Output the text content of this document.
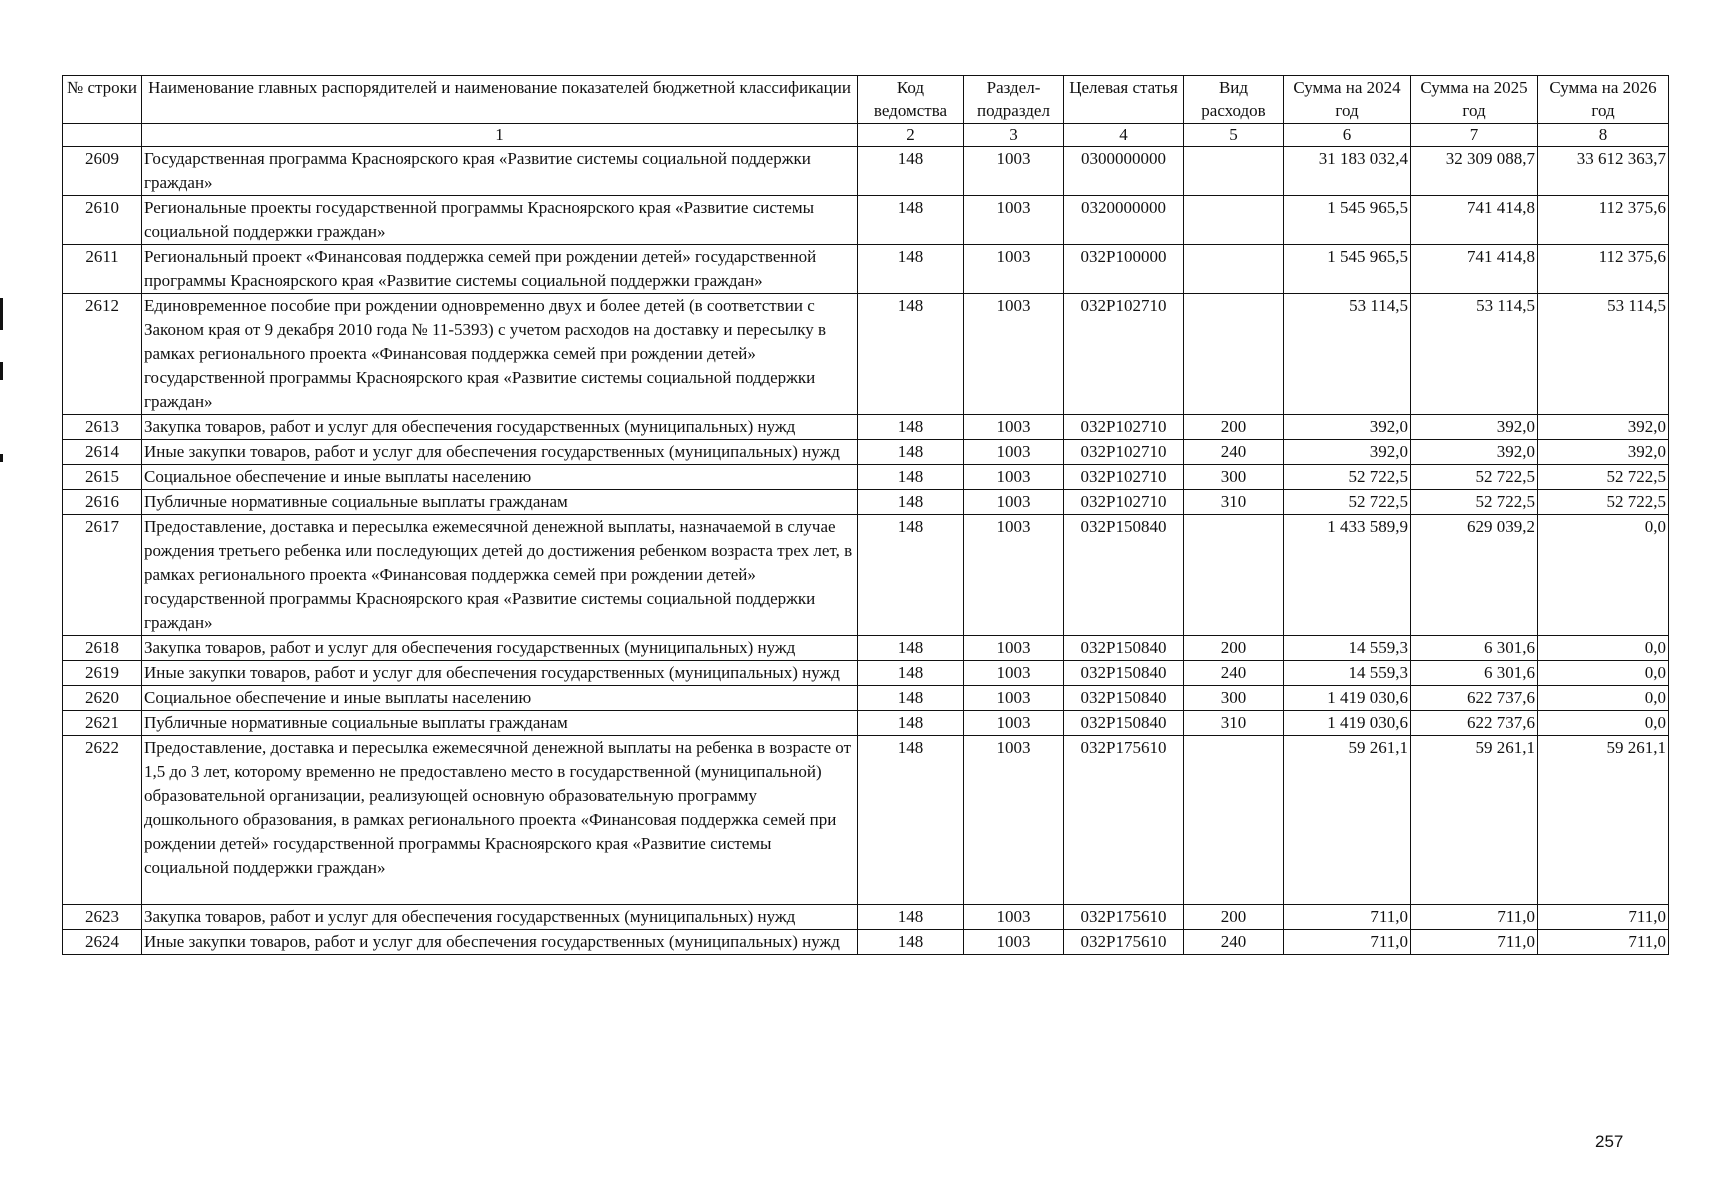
№ строки	Наименование главных распорядителей и наименование показателей бюджетной классификации	Код ведомства	Раздел-подраздел	Целевая статья	Вид расходов	Сумма на 2024 год	Сумма на 2025 год	Сумма на 2026 год
	1	2	3	4	5	6	7	8
2609	Государственная программа Красноярского края «Развитие системы социальной поддержки граждан»	148	1003	0300000000		31 183 032,4	32 309 088,7	33 612 363,7
2610	Региональные проекты государственной программы Красноярского края «Развитие системы социальной поддержки граждан»	148	1003	0320000000		1 545 965,5	741 414,8	112 375,6
2611	Региональный проект «Финансовая поддержка семей при рождении детей» государственной программы Красноярского края «Развитие системы социальной поддержки граждан»	148	1003	032P100000		1 545 965,5	741 414,8	112 375,6
2612	Единовременное пособие при рождении одновременно двух и более детей (в соответствии с Законом края от 9 декабря 2010 года № 11-5393) с учетом расходов на доставку и пересылку в рамках регионального проекта «Финансовая поддержка семей при рождении детей» государственной программы Красноярского края «Развитие системы социальной поддержки граждан»	148	1003	032P102710		53 114,5	53 114,5	53 114,5
2613	Закупка товаров, работ и услуг для обеспечения государственных (муниципальных) нужд	148	1003	032P102710	200	392,0	392,0	392,0
2614	Иные закупки товаров, работ и услуг для обеспечения государственных (муниципальных) нужд	148	1003	032P102710	240	392,0	392,0	392,0
2615	Социальное обеспечение и иные выплаты населению	148	1003	032P102710	300	52 722,5	52 722,5	52 722,5
2616	Публичные нормативные социальные выплаты гражданам	148	1003	032P102710	310	52 722,5	52 722,5	52 722,5
2617	Предоставление, доставка и пересылка ежемесячной денежной выплаты, назначаемой в случае рождения третьего ребенка или последующих детей до достижения ребенком возраста трех лет, в рамках регионального проекта «Финансовая поддержка семей при рождении детей» государственной программы Красноярского края «Развитие системы социальной поддержки граждан»	148	1003	032P150840		1 433 589,9	629 039,2	0,0
2618	Закупка товаров, работ и услуг для обеспечения государственных (муниципальных) нужд	148	1003	032P150840	200	14 559,3	6 301,6	0,0
2619	Иные закупки товаров, работ и услуг для обеспечения государственных (муниципальных) нужд	148	1003	032P150840	240	14 559,3	6 301,6	0,0
2620	Социальное обеспечение и иные выплаты населению	148	1003	032P150840	300	1 419 030,6	622 737,6	0,0
2621	Публичные нормативные социальные выплаты гражданам	148	1003	032P150840	310	1 419 030,6	622 737,6	0,0
2622	Предоставление, доставка и пересылка ежемесячной денежной выплаты на ребенка в возрасте от 1,5 до 3 лет, которому временно не предоставлено место в государственной (муниципальной) образовательной организации, реализующей основную образовательную программу дошкольного образования, в рамках регионального проекта «Финансовая поддержка семей при рождении детей» государственной программы Красноярского края «Развитие системы социальной поддержки граждан»	148	1003	032P175610		59 261,1	59 261,1	59 261,1
2623	Закупка товаров, работ и услуг для обеспечения государственных (муниципальных) нужд	148	1003	032P175610	200	711,0	711,0	711,0
2624	Иные закупки товаров, работ и услуг для обеспечения государственных (муниципальных) нужд	148	1003	032P175610	240	711,0	711,0	711,0
257
